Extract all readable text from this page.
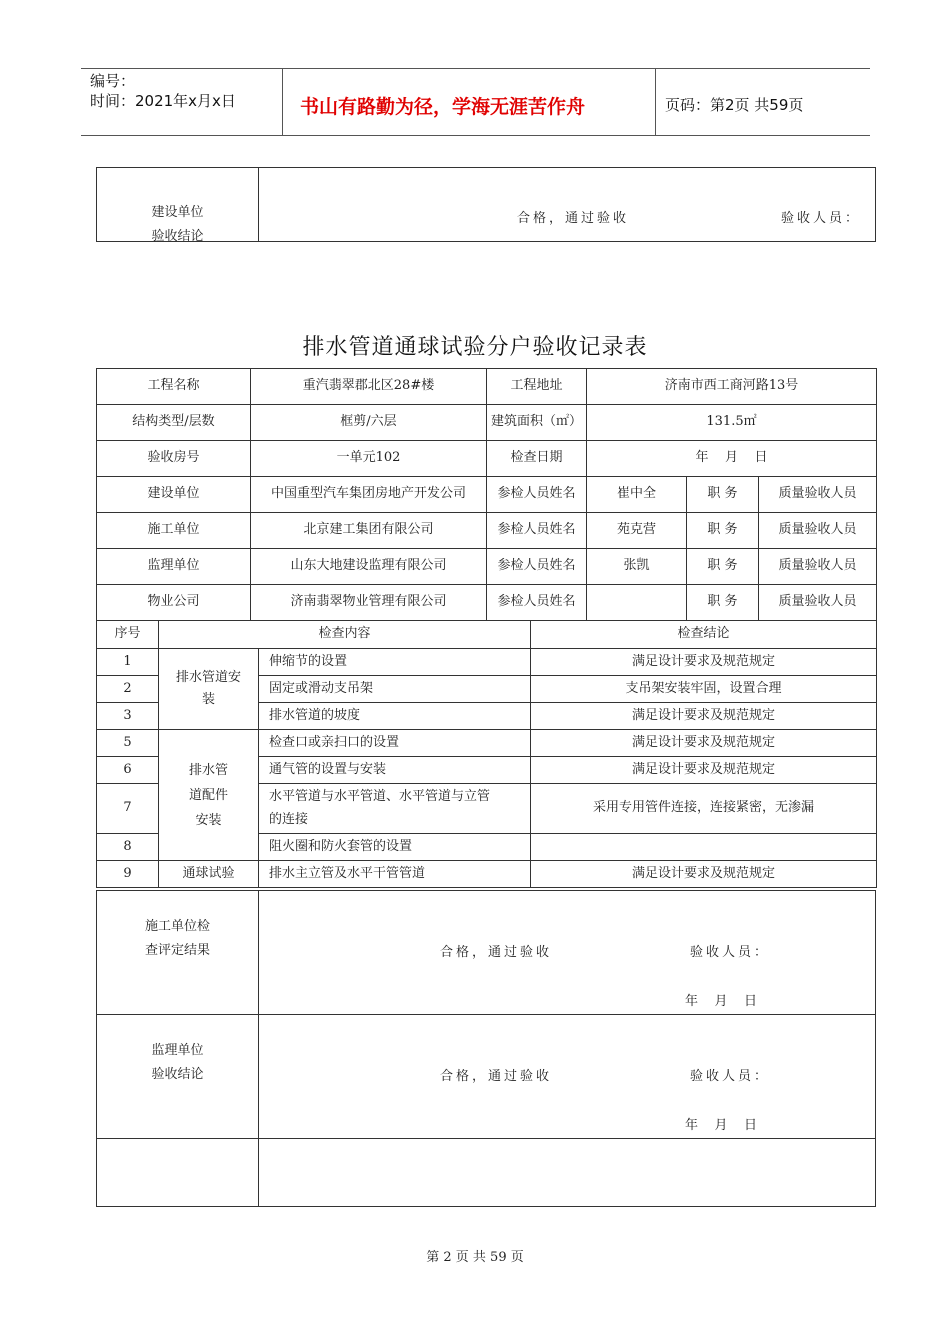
编号：
时间：2021年x月x日	书山有路勤为径，学海无涯苦作舟	页码：第2页 共59页
建设单位
验收结论

合格，通过验收	验收人员：
排水管道通球试验分户验收记录表
工程名称	重汽翡翠郡北区28#楼	工程地址	济南市西工商河路13号		
结构类型/层数	框剪/六层	建筑面积（㎡）	131.5㎡		
验收房号	一单元102	检查日期	年    月    日		
建设单位	中国重型汽车集团房地产开发公司	参检人员姓名	崔中全	职 务	质量验收人员
施工单位	北京建工集团有限公司	参检人员姓名	苑克营	职 务	质量验收人员
监理单位	山东大地建设监理有限公司	参检人员姓名	张凯	职 务	质量验收人员
物业公司	济南翡翠物业管理有限公司	参检人员姓名		职 务	质量验收人员
序号	检查内容		检查结论
1	排水管道安装	伸缩节的设置	满足设计要求及规范规定
2		固定或滑动支吊架	支吊架安装牢固，设置合理
3		排水管道的坡度	满足设计要求及规范规定
5	排水管道配件安装	检查口或亲扫口的设置	满足设计要求及规范规定
6		通气管的设置与安装	满足设计要求及规范规定
7		水平管道与水平管道、水平管道与立管的连接	采用专用管件连接，连接紧密，无渗漏
8		阻火圈和防火套管的设置	
9	通球试验	排水主立管及水平干管管道	满足设计要求及规范规定
施工单位检
查评定结果	合格，通过验收 验收人员：
年    月    日

监理单位
验收结论	合格，通过验收 验收人员：
年    月    日

第 2 页 共 59 页
